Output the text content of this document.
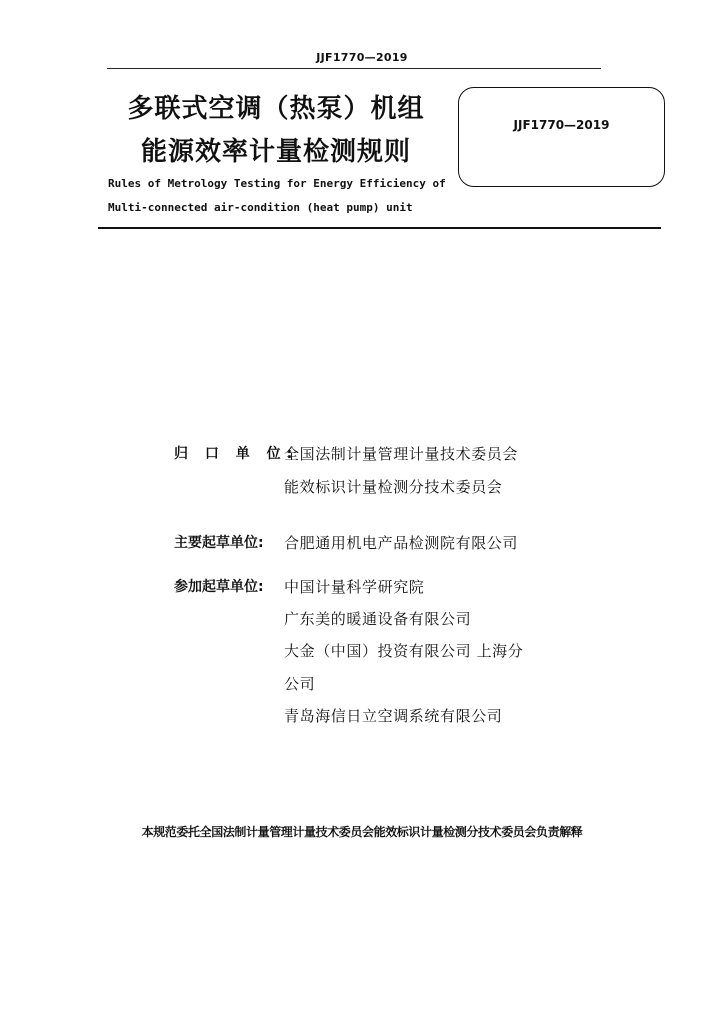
JJF1770—2019
多联式空调（热泵）机组
能源效率计量检测规则
Rules of Metrology Testing for Energy Efficiency of
Multi-connected air-condition (heat pump) unit
JJF1770—2019
归 口 单 位:
全国法制计量管理计量技术委员会
能效标识计量检测分技术委员会
主要起草单位:	合肥通用机电产品检测院有限公司
参加起草单位:	中国计量科学研究院
广东美的暖通设备有限公司
大金（中国）投资有限公司 上海分
公司
青岛海信日立空调系统有限公司
本规范委托全国法制计量管理计量技术委员会能效标识计量检测分技术委员会负责解释
